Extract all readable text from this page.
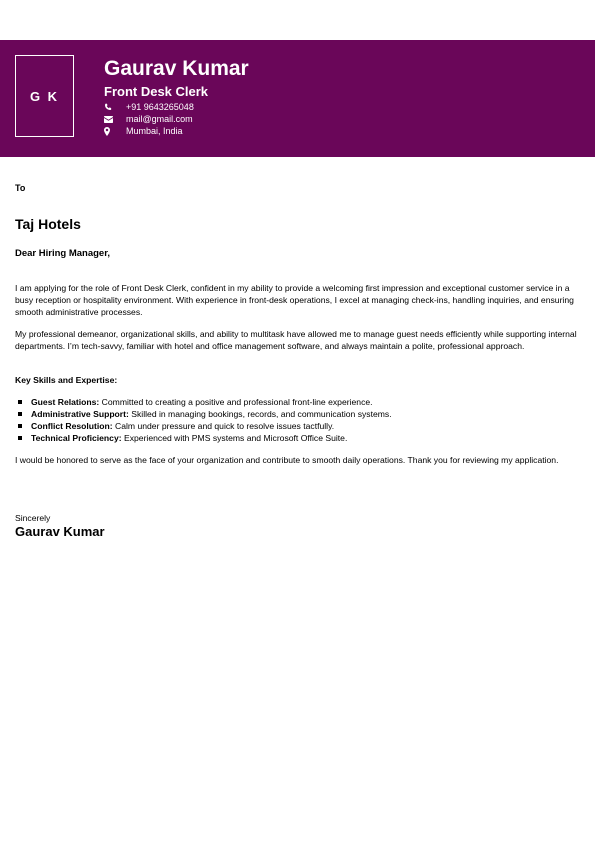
G K
Gaurav Kumar
Front Desk Clerk
+91 9643265048
mail@gmail.com
Mumbai, India
To
Taj Hotels
Dear Hiring Manager,

I am applying for the role of Front Desk Clerk, confident in my ability to provide a welcoming first impression and exceptional customer service in a busy reception or hospitality environment. With experience in front-desk operations, I excel at managing check-ins, handling inquiries, and ensuring smooth administrative processes.

My professional demeanor, organizational skills, and ability to multitask have allowed me to manage guest needs efficiently while supporting internal departments. I’m tech-savvy, familiar with hotel and office management software, and always maintain a polite, professional approach.

Key Skills and Expertise:
Guest Relations: Committed to creating a positive and professional front-line experience.
Administrative Support: Skilled in managing bookings, records, and communication systems.
Conflict Resolution: Calm under pressure and quick to resolve issues tactfully.
Technical Proficiency: Experienced with PMS systems and Microsoft Office Suite.

I would be honored to serve as the face of your organization and contribute to smooth daily operations. Thank you for reviewing my application.

Sincerely
Gaurav Kumar
